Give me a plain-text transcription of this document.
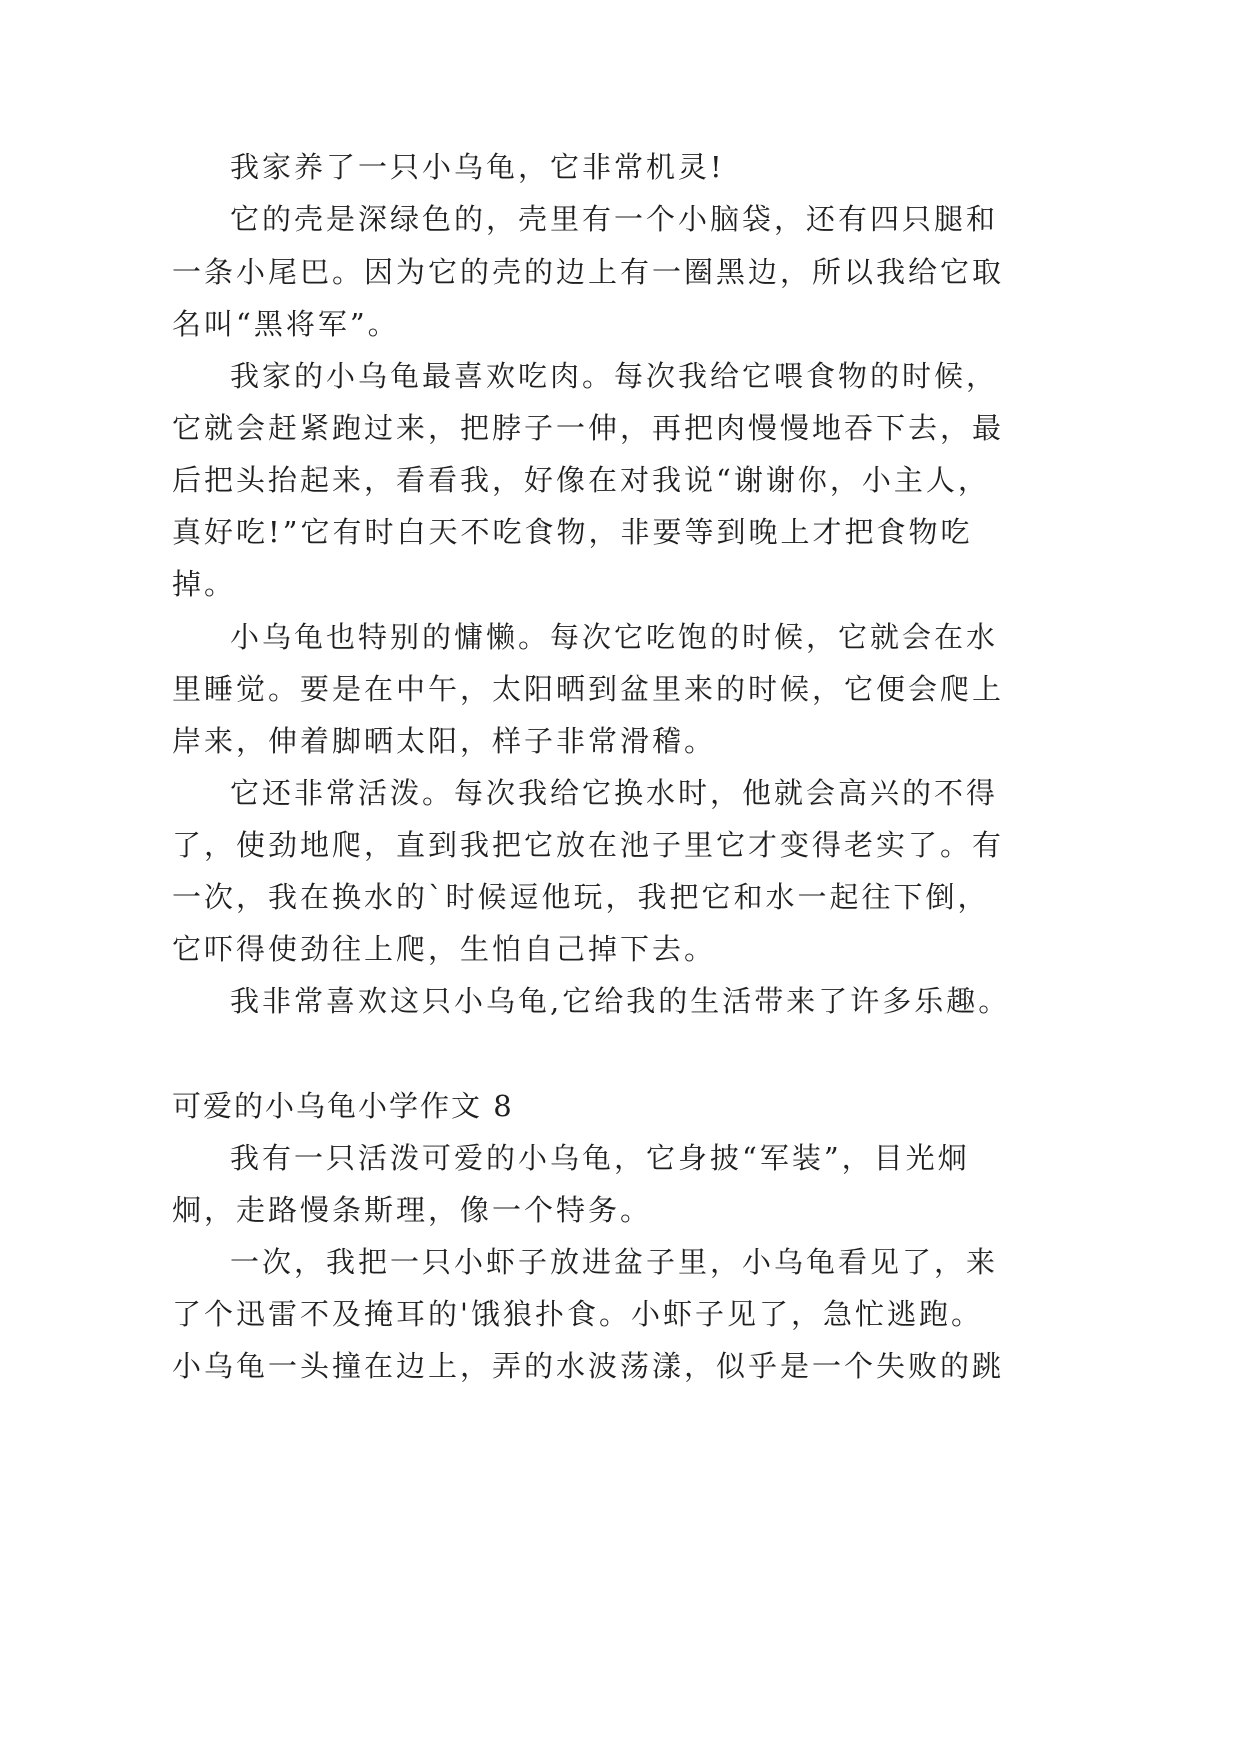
我家养了一只小乌龟，它非常机灵!
它的壳是深绿色的，壳里有一个小脑袋，还有四只腿和
一条小尾巴。因为它的壳的边上有一圈黑边，所以我给它取
名叫“黑将军”。
我家的小乌龟最喜欢吃肉。每次我给它喂食物的时候，
它就会赶紧跑过来，把脖子一伸，再把肉慢慢地吞下去，最
后把头抬起来，看看我，好像在对我说“谢谢你，小主人，
真好吃!”它有时白天不吃食物，非要等到晚上才把食物吃
掉。
小乌龟也特别的慵懒。每次它吃饱的时候，它就会在水
里睡觉。要是在中午，太阳晒到盆里来的时候，它便会爬上
岸来，伸着脚晒太阳，样子非常滑稽。
它还非常活泼。每次我给它换水时，他就会高兴的不得
了，使劲地爬，直到我把它放在池子里它才变得老实了。有
一次，我在换水的`时候逗他玩，我把它和水一起往下倒，
它吓得使劲往上爬，生怕自己掉下去。
我非常喜欢这只小乌龟,它给我的生活带来了许多乐趣。
可爱的小乌龟小学作文 8
我有一只活泼可爱的小乌龟，它身披“军装”，目光炯
炯，走路慢条斯理，像一个特务。
一次，我把一只小虾子放进盆子里，小乌龟看见了，来
了个迅雷不及掩耳的'饿狼扑食。小虾子见了，急忙逃跑。
小乌龟一头撞在边上，弄的水波荡漾，似乎是一个失败的跳
